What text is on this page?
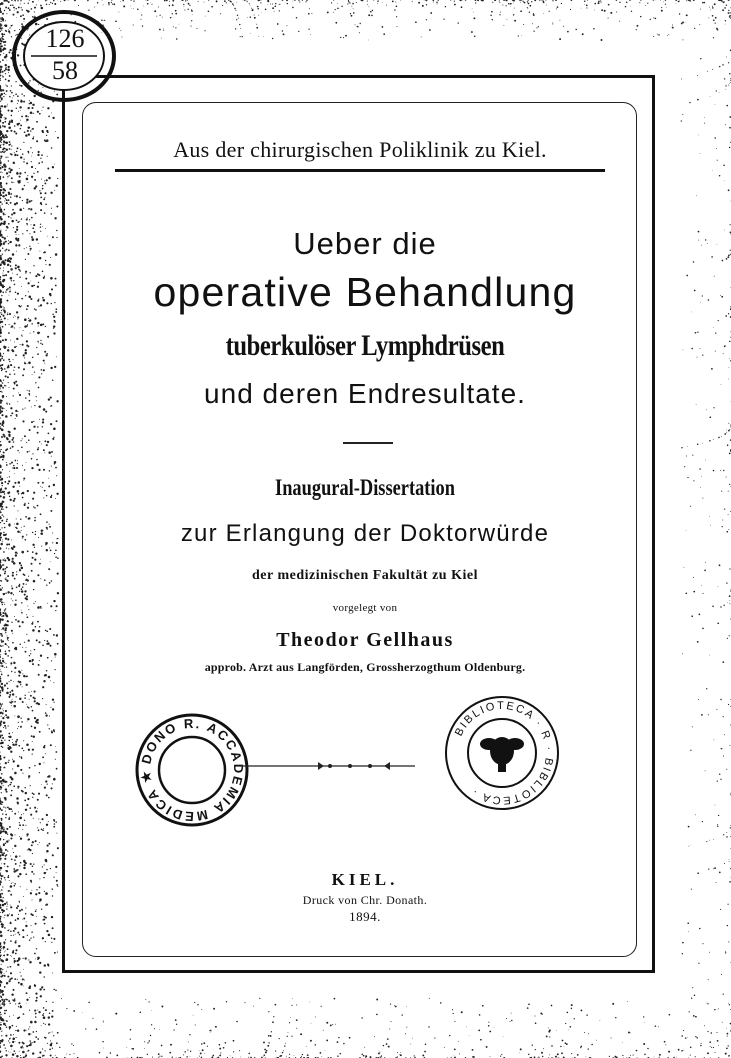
126
58
Aus der chirurgischen Poliklinik zu Kiel.
Ueber die
operative Behandlung
tuberkulöser Lymphdrüsen
und deren Endresultate.
Inaugural-Dissertation
zur Erlangung der Doktorwürde
der medizinischen Fakultät zu Kiel
vorgelegt von
Theodor Gellhaus
approb. Arzt aus Langförden, Grossherzogthum Oldenburg.
DONO R. ACCADEMIA MEDICA ★
BIBLIOTECA · R · BIBLIOTECA ·
KIEL.
Druck von Chr. Donath.
1894.
